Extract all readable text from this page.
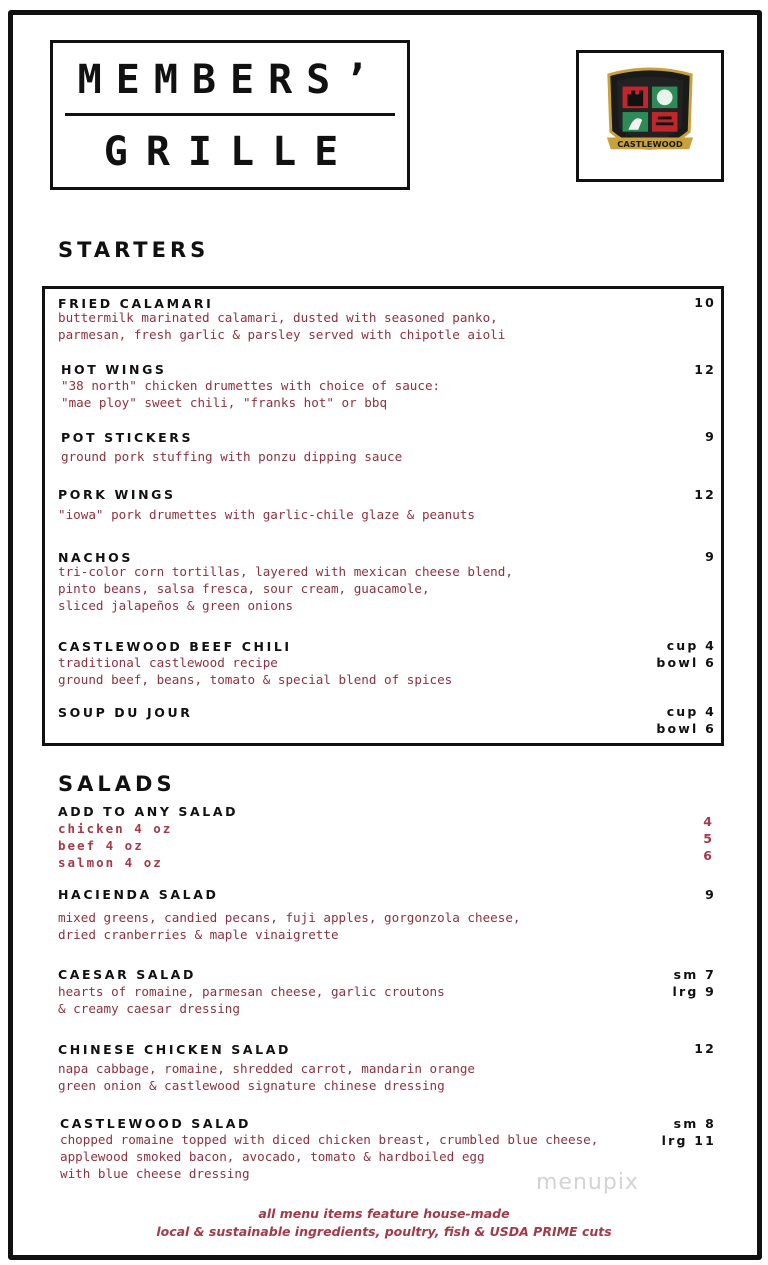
MEMBERS’
GRILLE	CASTLEWOOD
STARTERS
FRIED CALAMARI	10
buttermilk marinated calamari, dusted with seasoned panko,
parmesan, fresh garlic & parsley served with chipotle aioli
HOT WINGS	12
"38 north" chicken drumettes with choice of sauce:
"mae ploy" sweet chili, "franks hot" or bbq
POT STICKERS	9
ground pork stuffing with ponzu dipping sauce
PORK WINGS	12
"iowa" pork drumettes with garlic-chile glaze & peanuts
NACHOS	9
tri-color corn tortillas, layered with mexican cheese blend,
pinto beans, salsa fresca, sour cream, guacamole,
sliced jalapeños & green onions
CASTLEWOOD BEEF CHILI	cup 4
bowl 6
traditional castlewood recipe
ground beef, beans, tomato & special blend of spices
SOUP DU JOUR	cup 4
bowl 6
SALADS
ADD TO ANY SALAD
chicken 4 oz
beef 4 oz
salmon 4 oz
4
5
6
HACIENDA SALAD	9
mixed greens, candied pecans, fuji apples, gorgonzola cheese,
dried cranberries & maple vinaigrette
CAESAR SALAD	sm 7
lrg 9
hearts of romaine, parmesan cheese, garlic croutons
& creamy caesar dressing
CHINESE CHICKEN SALAD	12
napa cabbage, romaine, shredded carrot, mandarin orange
green onion & castlewood signature chinese dressing
CASTLEWOOD SALAD	sm 8
lrg 11
chopped romaine topped with diced chicken breast, crumbled blue cheese,
applewood smoked bacon, avocado, tomato & hardboiled egg
with blue cheese dressing	menupix
all menu items feature house-made
local & sustainable ingredients, poultry, fish & USDA PRIME cuts
